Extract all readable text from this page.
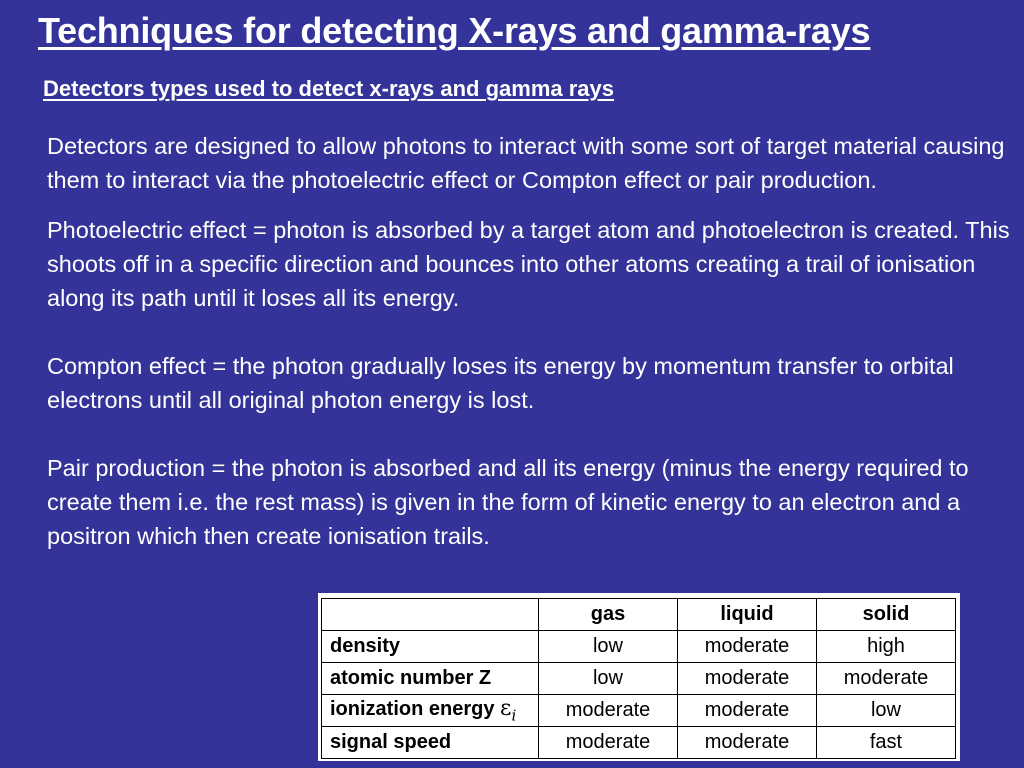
Techniques for detecting X-rays and gamma-rays
Detectors types used to detect x-rays and gamma rays

Detectors are designed to allow photons to interact with some sort of target material causing them to interact via the photoelectric effect or Compton effect or pair production.

Photoelectric effect = photon is absorbed by a target atom and photoelectron is created. This shoots off in a specific direction and bounces into other atoms creating a trail of ionisation along its path until it loses all its energy.

Compton effect = the photon gradually loses its energy by momentum transfer to orbital electrons until all original photon energy is lost.

Pair production = the photon is absorbed and all its energy (minus the energy required to create them i.e. the rest mass) is given in the form of kinetic energy to an electron and a positron which then create ionisation trails.

	gas	liquid	solid
density	low	moderate	high
atomic number Z	low	moderate	moderate
ionization energy $\varepsilon_i$	moderate	moderate	low
signal speed	moderate	moderate	fast
